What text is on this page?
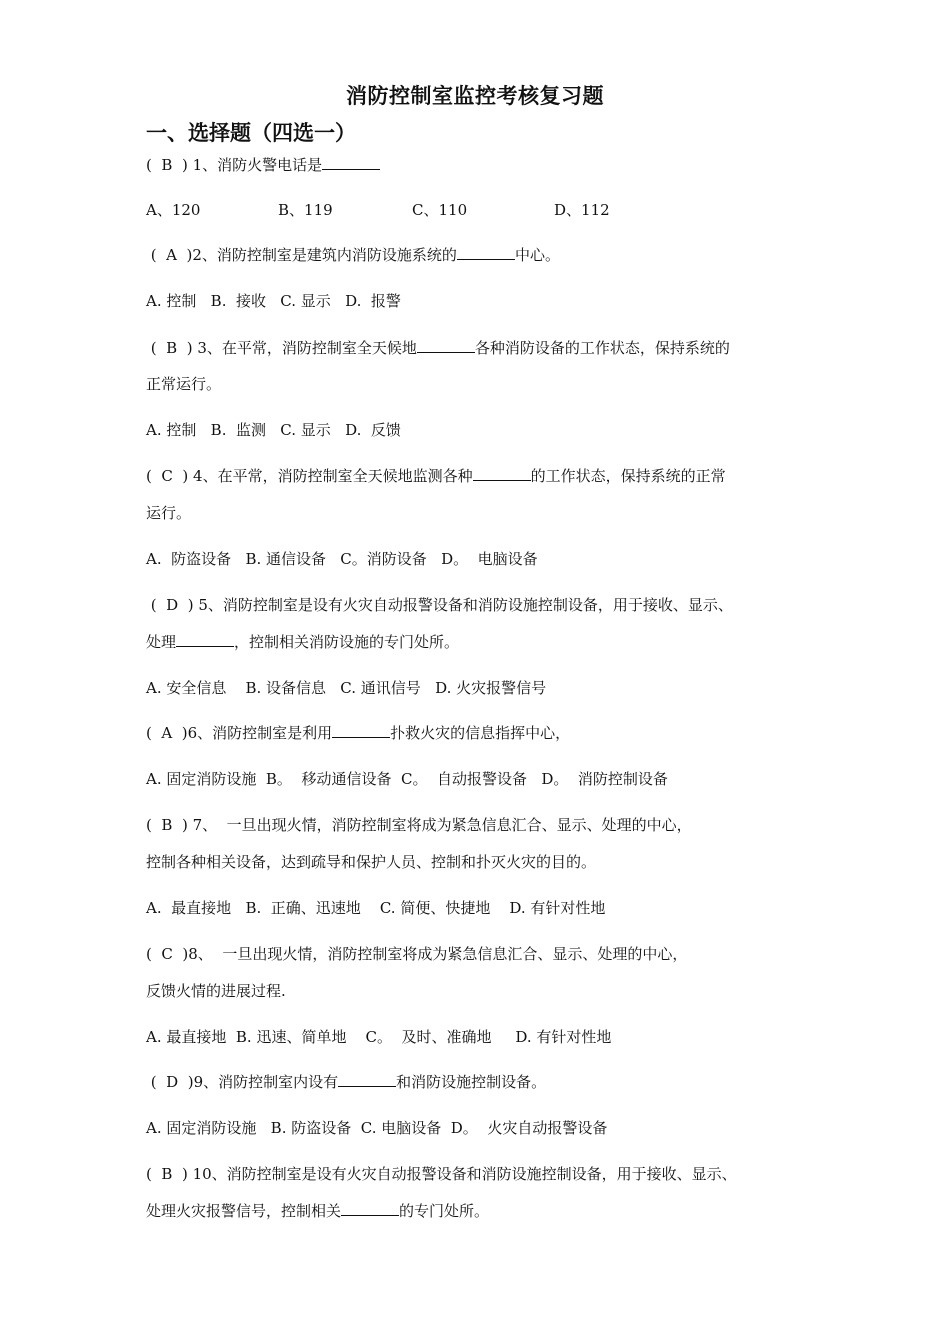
消防控制室监控考核复习题
一、选择题（四选一）
(  B  ) 1、消防火警电话是
A、120	B、119	C、110	D、112
(  A  )2、消防控制室是建筑内消防设施系统的	中心。
A. 控制   B.  接收   C. 显示   D.  报警
(  B  ) 3、在平常，消防控制室全天候地	各种消防设备的工作状态，保持系统的
正常运行。
A. 控制   B.  监测   C. 显示   D.  反馈
(  C  ) 4、在平常，消防控制室全天候地监测各种	的工作状态，保持系统的正常
运行。
A.  防盗设备   B. 通信设备   C。消防设备   D。  电脑设备
(  D  ) 5、消防控制室是设有火灾自动报警设备和消防设施控制设备，用于接收、显示、
处理	，控制相关消防设施的专门处所。
A. 安全信息    B. 设备信息   C. 通讯信号   D. 火灾报警信号
(  A  )6、消防控制室是利用	扑救火灾的信息指挥中心，
A. 固定消防设施  B。  移动通信设备  C。  自动报警设备   D。  消防控制设备
(  B  ) 7、  一旦出现火情，消防控制室将成为紧急信息汇合、显示、处理的中心，
控制各种相关设备，达到疏导和保护人员、控制和扑灭火灾的目的。
A.  最直接地   B.  正确、迅速地    C. 简便、快捷地    D. 有针对性地
(  C  )8、  一旦出现火情，消防控制室将成为紧急信息汇合、显示、处理的中心，
反馈火情的进展过程.
A. 最直接地  B. 迅速、简单地    C。  及时、准确地     D. 有针对性地
(  D  )9、消防控制室内设有	和消防设施控制设备。
A. 固定消防设施   B. 防盗设备  C. 电脑设备  D。  火灾自动报警设备
(  B  ) 10、消防控制室是设有火灾自动报警设备和消防设施控制设备，用于接收、显示、
处理火灾报警信号，控制相关	的专门处所。
